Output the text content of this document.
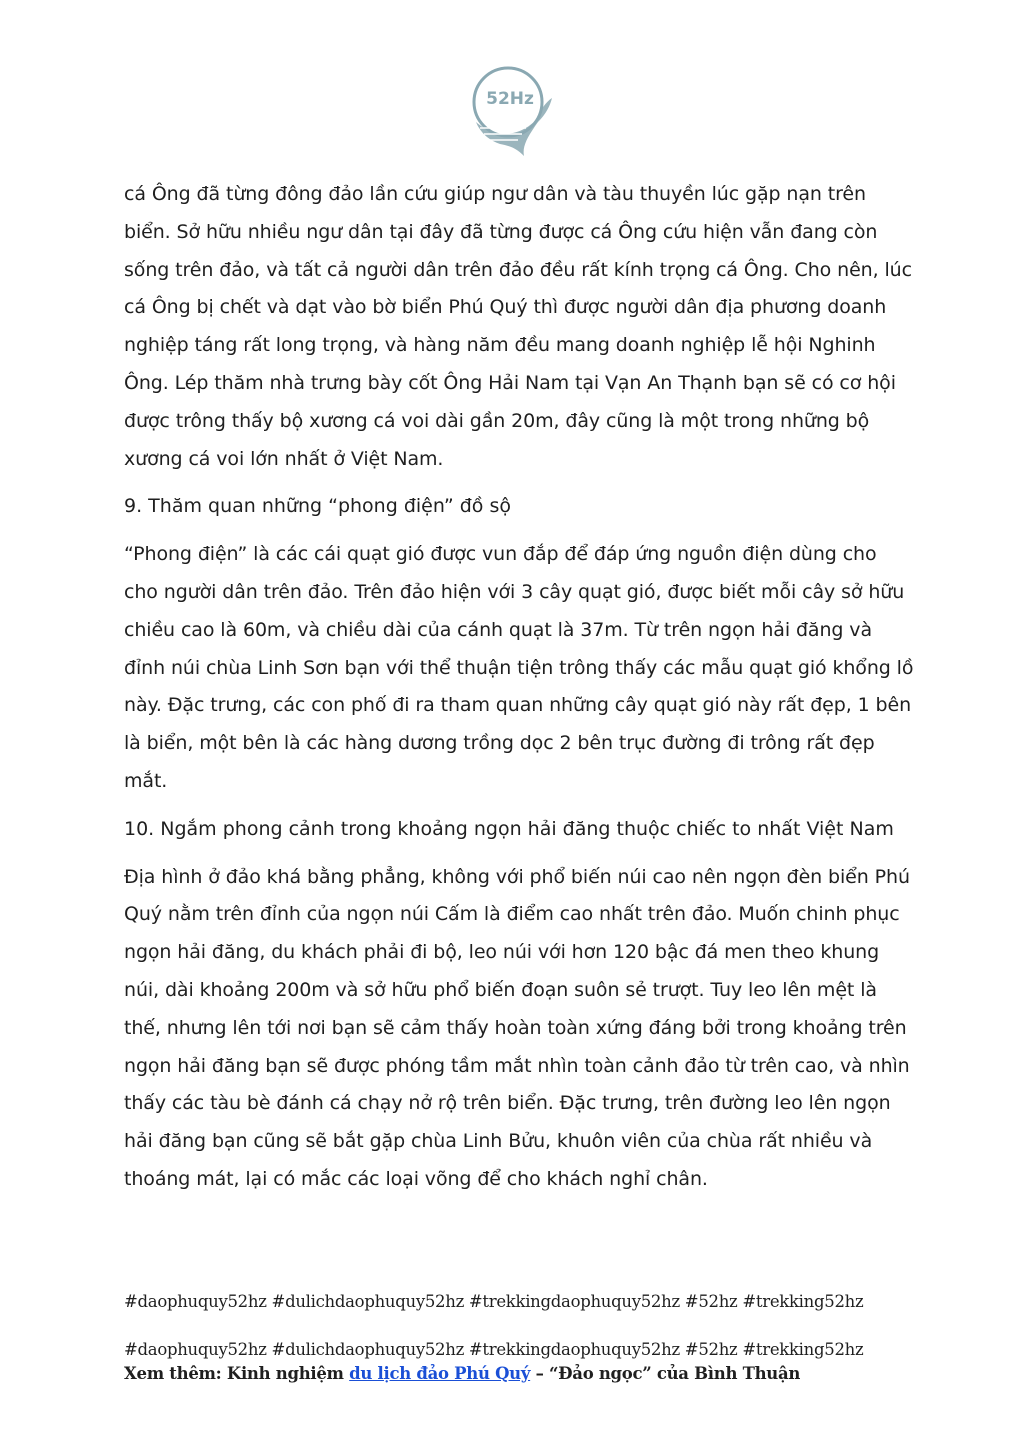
52Hz

cá Ông đã từng đông đảo lần cứu giúp ngư dân và tàu thuyền lúc gặp nạn trên biển. Sở hữu nhiều ngư dân tại đây đã từng được cá Ông cứu hiện vẫn đang còn sống trên đảo, và tất cả người dân trên đảo đều rất kính trọng cá Ông. Cho nên, lúc cá Ông bị chết và dạt vào bờ biển Phú Quý thì được người dân địa phương doanh nghiệp táng rất long trọng, và hàng năm đều mang doanh nghiệp lễ hội Nghinh Ông. Lép thăm nhà trưng bày cốt Ông Hải Nam tại Vạn An Thạnh bạn sẽ có cơ hội được trông thấy bộ xương cá voi dài gần 20m, đây cũng là một trong những bộ xương cá voi lớn nhất ở Việt Nam.

9. Thăm quan những “phong điện” đồ sộ

“Phong điện” là các cái quạt gió được vun đắp để đáp ứng nguồn điện dùng cho cho người dân trên đảo. Trên đảo hiện với 3 cây quạt gió, được biết mỗi cây sở hữu chiều cao là 60m, và chiều dài của cánh quạt là 37m. Từ trên ngọn hải đăng và đỉnh núi chùa Linh Sơn bạn với thể thuận tiện trông thấy các mẫu quạt gió khổng lồ này. Đặc trưng, các con phố đi ra tham quan những cây quạt gió này rất đẹp, 1 bên là biển, một bên là các hàng dương trồng dọc 2 bên trục đường đi trông rất đẹp mắt.

10. Ngắm phong cảnh trong khoảng ngọn hải đăng thuộc chiếc to nhất Việt Nam

Địa hình ở đảo khá bằng phẳng, không với phổ biến núi cao nên ngọn đèn biển Phú Quý nằm trên đỉnh của ngọn núi Cấm là điểm cao nhất trên đảo. Muốn chinh phục ngọn hải đăng, du khách phải đi bộ, leo núi với hơn 120 bậc đá men theo khung núi, dài khoảng 200m và sở hữu phổ biến đoạn suôn sẻ trượt. Tuy leo lên mệt là thế, nhưng lên tới nơi bạn sẽ cảm thấy hoàn toàn xứng đáng bởi trong khoảng trên ngọn hải đăng bạn sẽ được phóng tầm mắt nhìn toàn cảnh đảo từ trên cao, và nhìn thấy các tàu bè đánh cá chạy nở rộ trên biển. Đặc trưng, trên đường leo lên ngọn hải đăng bạn cũng sẽ bắt gặp chùa Linh Bửu, khuôn viên của chùa rất nhiều và thoáng mát, lại có mắc các loại võng để cho khách nghỉ chân.

#daophuquy52hz #dulichdaophuquy52hz #trekkingdaophuquy52hz #52hz #trekking52hz

#daophuquy52hz #dulichdaophuquy52hz #trekkingdaophuquy52hz #52hz #trekking52hz

Xem thêm: Kinh nghiệm du lịch đảo Phú Quý – “Đảo ngọc” của Bình Thuận
